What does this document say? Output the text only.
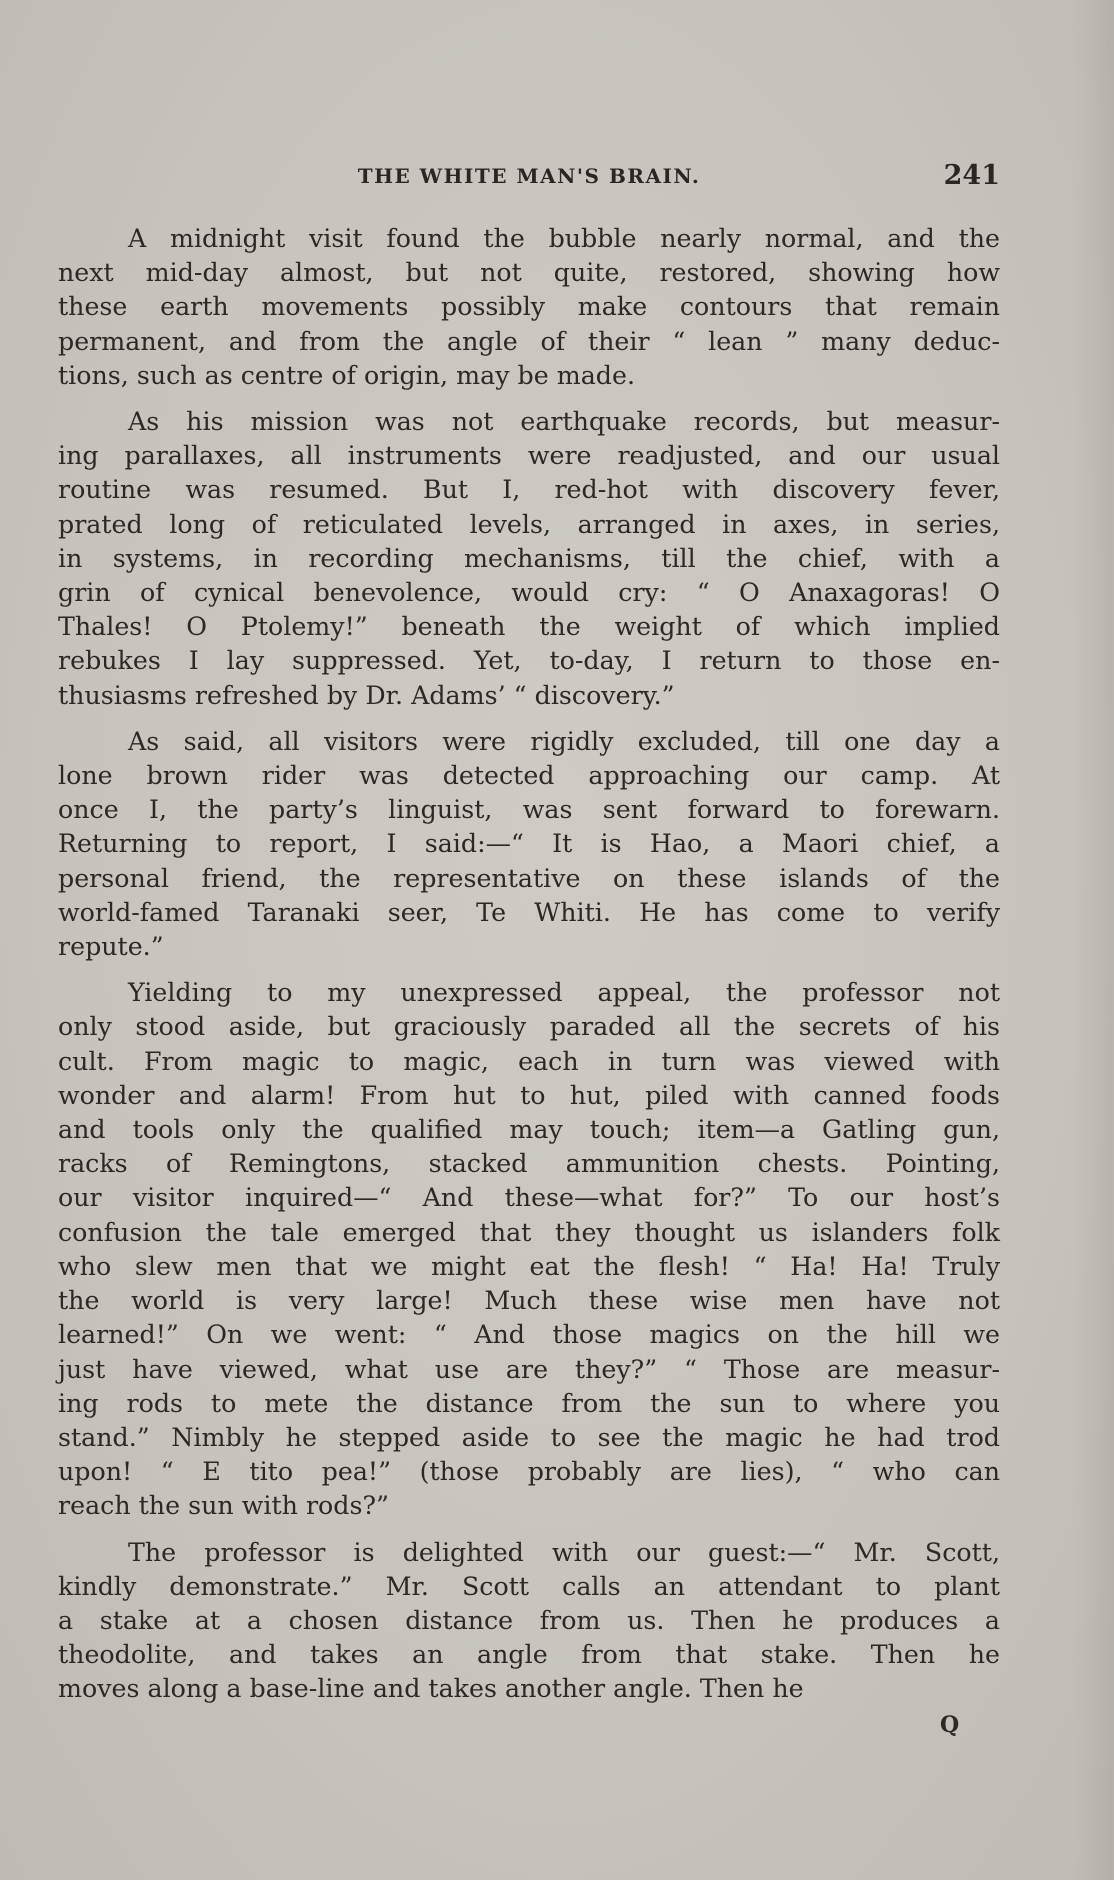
THE WHITE MAN'S BRAIN.	241
A midnight visit found the bubble nearly normal, and the
next mid-day almost, but not quite, restored, showing how
these earth movements possibly make contours that remain
permanent, and from the angle of their “ lean ” many deduc-
tions, such as centre of origin, may be made.
As his mission was not earthquake records, but measur-
ing parallaxes, all instruments were readjusted, and our usual
routine was resumed. But I, red-hot with discovery fever,
prated long of reticulated levels, arranged in axes, in series,
in systems, in recording mechanisms, till the chief, with a
grin of cynical benevolence, would cry: “ O Anaxagoras! O
Thales! O Ptolemy!” beneath the weight of which implied
rebukes I lay suppressed. Yet, to-day, I return to those en-
thusiasms refreshed by Dr. Adams’ “ discovery.”
As said, all visitors were rigidly excluded, till one day a
lone brown rider was detected approaching our camp. At
once I, the party’s linguist, was sent forward to forewarn.
Returning to report, I said:—“ It is Hao, a Maori chief, a
personal friend, the representative on these islands of the
world-famed Taranaki seer, Te Whiti. He has come to verify
repute.”
Yielding to my unexpressed appeal, the professor not
only stood aside, but graciously paraded all the secrets of his
cult. From magic to magic, each in turn was viewed with
wonder and alarm! From hut to hut, piled with canned foods
and tools only the qualified may touch; item—a Gatling gun,
racks of Remingtons, stacked ammunition chests. Pointing,
our visitor inquired—“ And these—what for?” To our host’s
confusion the tale emerged that they thought us islanders folk
who slew men that we might eat the flesh! “ Ha! Ha! Truly
the world is very large! Much these wise men have not
learned!” On we went: “ And those magics on the hill we
just have viewed, what use are they?” “ Those are measur-
ing rods to mete the distance from the sun to where you
stand.” Nimbly he stepped aside to see the magic he had trod
upon! “ E tito pea!” (those probably are lies), “ who can
reach the sun with rods?”
The professor is delighted with our guest:—“ Mr. Scott,
kindly demonstrate.” Mr. Scott calls an attendant to plant
a stake at a chosen distance from us. Then he produces a
theodolite, and takes an angle from that stake. Then he
moves along a base-line and takes another angle. Then he
Q
